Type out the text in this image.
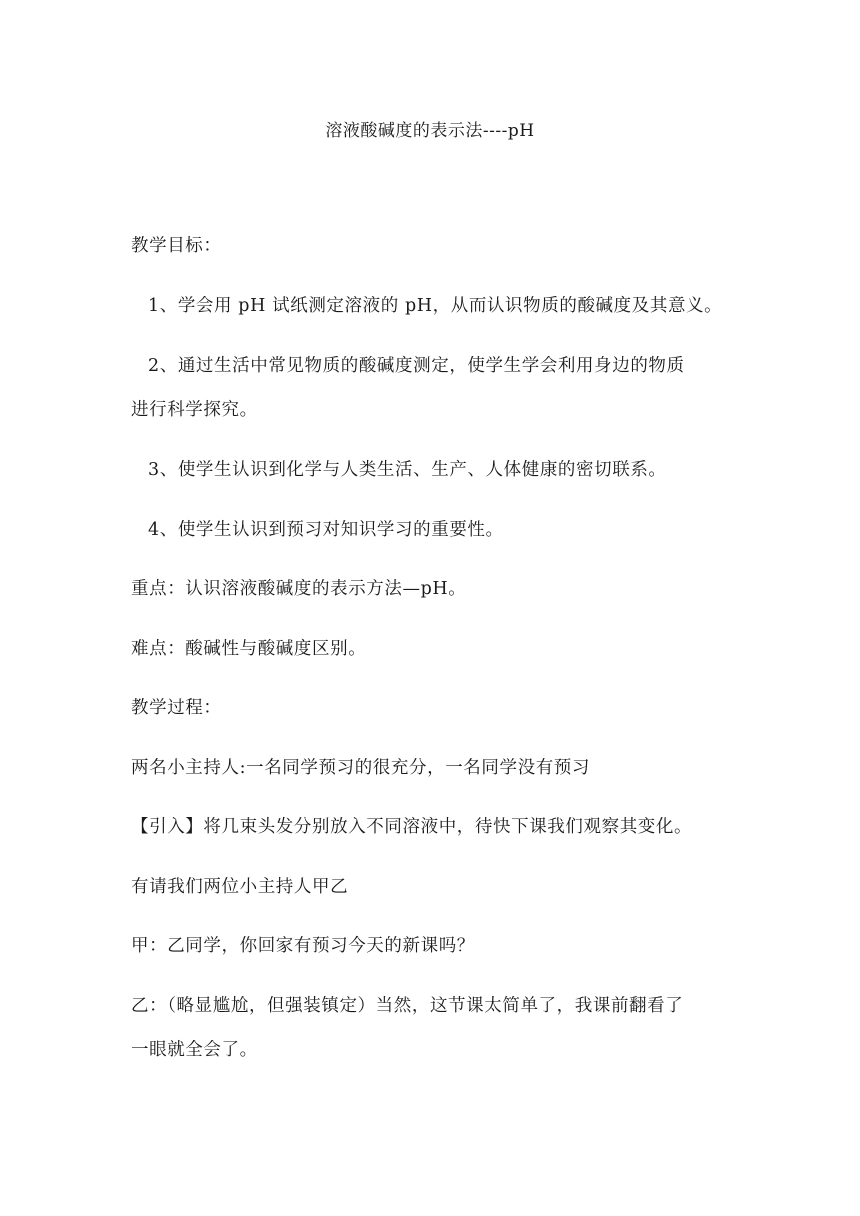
溶液酸碱度的表示法----pH
教学目标：
1、学会用 pH 试纸测定溶液的 pH，从而认识物质的酸碱度及其意义。
2、通过生活中常见物质的酸碱度测定，使学生学会利用身边的物质
进行科学探究。
3、使学生认识到化学与人类生活、生产、人体健康的密切联系。
4、使学生认识到预习对知识学习的重要性。
重点：认识溶液酸碱度的表示方法—pH。
难点：酸碱性与酸碱度区别。
教学过程：
两名小主持人:一名同学预习的很充分，一名同学没有预习
【引入】将几束头发分别放入不同溶液中，待快下课我们观察其变化。
有请我们两位小主持人甲乙
甲：乙同学，你回家有预习今天的新课吗？
乙：（略显尴尬，但强装镇定）当然，这节课太简单了，我课前翻看了
一眼就全会了。
